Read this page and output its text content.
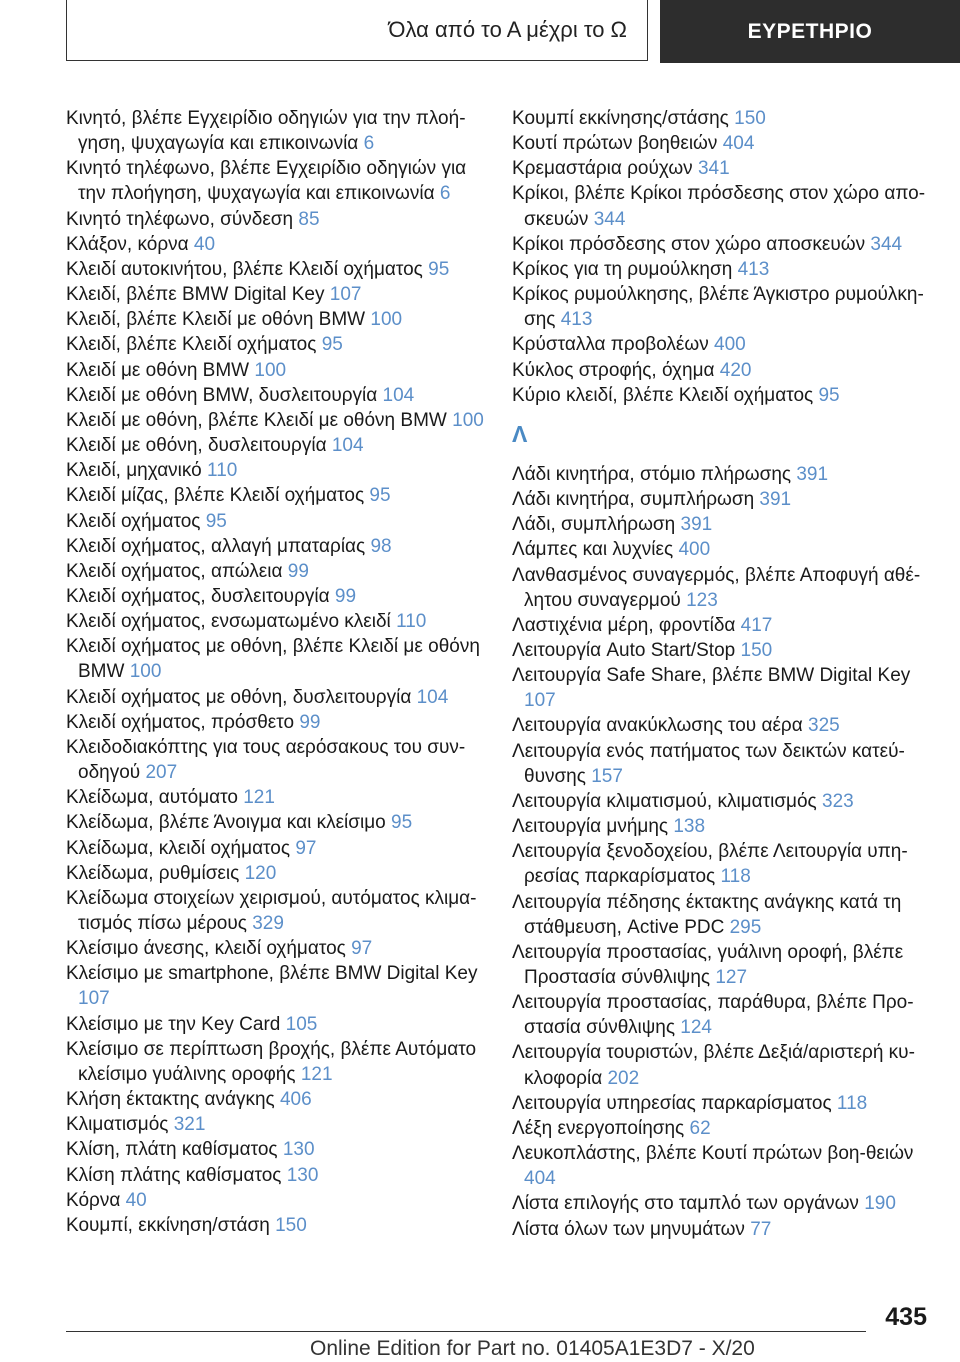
Όλα από το Α μέχρι το Ω	ΕΥΡΕΤΗΡΙΟ
Κινητό, βλέπε Εγχειρίδιο οδηγιών για την πλοή-γηση, ψυχαγωγία και επικοινωνία 6
Κινητό τηλέφωνο, βλέπε Εγχειρίδιο οδηγιών για την πλοήγηση, ψυχαγωγία και επικοινωνία 6
Κινητό τηλέφωνο, σύνδεση 85
Κλάξον, κόρνα 40
Κλειδί αυτοκινήτου, βλέπε Κλειδί οχήματος 95
Κλειδί, βλέπε BMW Digital Key 107
Κλειδί, βλέπε Κλειδί με οθόνη BMW 100
Κλειδί, βλέπε Κλειδί οχήματος 95
Κλειδί με οθόνη BMW 100
Κλειδί με οθόνη BMW, δυσλειτουργία 104
Κλειδί με οθόνη, βλέπε Κλειδί με οθόνη BMW 100
Κλειδί με οθόνη, δυσλειτουργία 104
Κλειδί, μηχανικό 110
Κλειδί μίζας, βλέπε Κλειδί οχήματος 95
Κλειδί οχήματος 95
Κλειδί οχήματος, αλλαγή μπαταρίας 98
Κλειδί οχήματος, απώλεια 99
Κλειδί οχήματος, δυσλειτουργία 99
Κλειδί οχήματος, ενσωματωμένο κλειδί 110
Κλειδί οχήματος με οθόνη, βλέπε Κλειδί με οθόνη BMW 100
Κλειδί οχήματος με οθόνη, δυσλειτουργία 104
Κλειδί οχήματος, πρόσθετο 99
Κλειδοδιακόπτης για τους αερόσακους του συν-οδηγού 207
Κλείδωμα, αυτόματο 121
Κλείδωμα, βλέπε Άνοιγμα και κλείσιμο 95
Κλείδωμα, κλειδί οχήματος 97
Κλείδωμα, ρυθμίσεις 120
Κλείδωμα στοιχείων χειρισμού, αυτόματος κλιμα-τισμός πίσω μέρους 329
Κλείσιμο άνεσης, κλειδί οχήματος 97
Κλείσιμο με smartphone, βλέπε BMW Digital Key 107
Κλείσιμο με την Key Card 105
Κλείσιμο σε περίπτωση βροχής, βλέπε Αυτόματο κλείσιμο γυάλινης οροφής 121
Κλήση έκτακτης ανάγκης 406
Κλιματισμός 321
Κλίση, πλάτη καθίσματος 130
Κλίση πλάτης καθίσματος 130
Κόρνα 40
Κουμπί, εκκίνηση/στάση 150
Κουμπί εκκίνησης/στάσης 150
Κουτί πρώτων βοηθειών 404
Κρεμαστάρια ρούχων 341
Κρίκοι, βλέπε Κρίκοι πρόσδεσης στον χώρο απο-σκευών 344
Κρίκοι πρόσδεσης στον χώρο αποσκευών 344
Κρίκος για τη ρυμούλκηση 413
Κρίκος ρυμούλκησης, βλέπε Άγκιστρο ρυμούλκη-σης 413
Κρύσταλλα προβολέων 400
Κύκλος στροφής, όχημα 420
Κύριο κλειδί, βλέπε Κλειδί οχήματος 95
Λ
Λάδι κινητήρα, στόμιο πλήρωσης 391
Λάδι κινητήρα, συμπλήρωση 391
Λάδι, συμπλήρωση 391
Λάμπες και λυχνίες 400
Λανθασμένος συναγερμός, βλέπε Αποφυγή αθέ-λητου συναγερμού 123
Λαστιχένια μέρη, φροντίδα 417
Λειτουργία Auto Start/Stop 150
Λειτουργία Safe Share, βλέπε BMW Digital Key 107
Λειτουργία ανακύκλωσης του αέρα 325
Λειτουργία ενός πατήματος των δεικτών κατεύ-θυνσης 157
Λειτουργία κλιματισμού, κλιματισμός 323
Λειτουργία μνήμης 138
Λειτουργία ξενοδοχείου, βλέπε Λειτουργία υπη-ρεσίας παρκαρίσματος 118
Λειτουργία πέδησης έκτακτης ανάγκης κατά τη στάθμευση, Active PDC 295
Λειτουργία προστασίας, γυάλινη οροφή, βλέπε Προστασία σύνθλιψης 127
Λειτουργία προστασίας, παράθυρα, βλέπε Προ-στασία σύνθλιψης 124
Λειτουργία τουριστών, βλέπε Δεξιά/αριστερή κυ-κλοφορία 202
Λειτουργία υπηρεσίας παρκαρίσματος 118
Λέξη ενεργοποίησης 62
Λευκοπλάστης, βλέπε Κουτί πρώτων βοη-θειών 404
Λίστα επιλογής στο ταμπλό των οργάνων 190
Λίστα όλων των μηνυμάτων 77
435
Online Edition for Part no. 01405A1E3D7 - X/20
